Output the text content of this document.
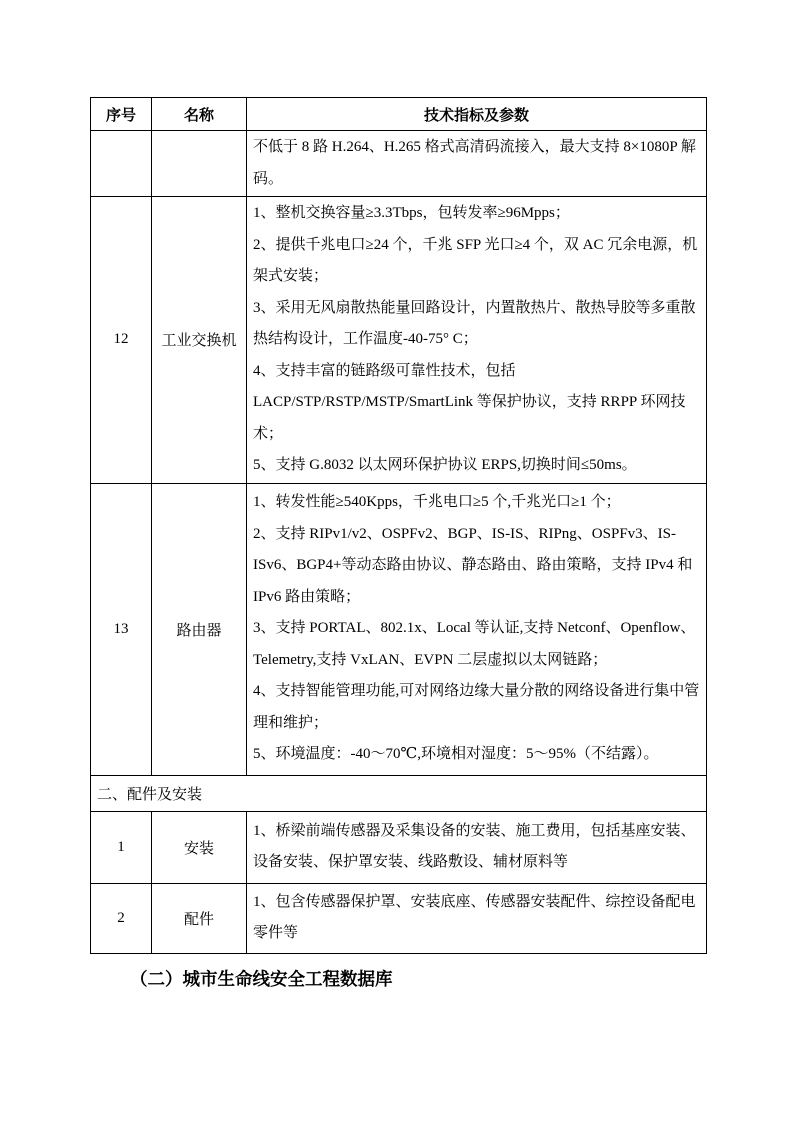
序号	名称	技术指标及参数

		不低于 8 路 H.264、H.265 格式高清码流接入，最大支持 8×1080P 解码。

12	工业交换机	1、整机交换容量≥3.3Tbps，包转发率≥96Mpps；

2、提供千兆电口≥24 个，千兆 SFP 光口≥4 个，双 AC 冗余电源，机架式安装；

3、采用无风扇散热能量回路设计，内置散热片、散热导胶等多重散热结构设计，工作温度-40-75° C；

4、支持丰富的链路级可靠性技术，包括 LACP/STP/RSTP/MSTP/SmartLink 等保护协议，支持 RRPP 环网技术；

5、支持 G.8032 以太网环保护协议 ERPS,切换时间≤50ms。

13	路由器	1、转发性能≥540Kpps，千兆电口≥5 个,千兆光口≥1 个；

2、支持 RIPv1/v2、OSPFv2、BGP、IS-IS、RIPng、OSPFv3、IS-ISv6、BGP4+等动态路由协议、静态路由、路由策略，支持 IPv4 和 IPv6 路由策略；

3、支持 PORTAL、802.1x、Local 等认证,支持 Netconf、Openflow、Telemetry,支持 VxLAN、EVPN 二层虚拟以太网链路；

4、支持智能管理功能,可对网络边缘大量分散的网络设备进行集中管理和维护；

5、环境温度：-40～70℃,环境相对湿度：5～95%（不结露）。

二、配件及安装		
1	安装	1、桥梁前端传感器及采集设备的安装、施工费用，包括基座安装、设备安装、保护罩安装、线路敷设、辅材原料等

2	配件	1、包含传感器保护罩、安装底座、传感器安装配件、综控设备配电零件等

（二）城市生命线安全工程数据库
